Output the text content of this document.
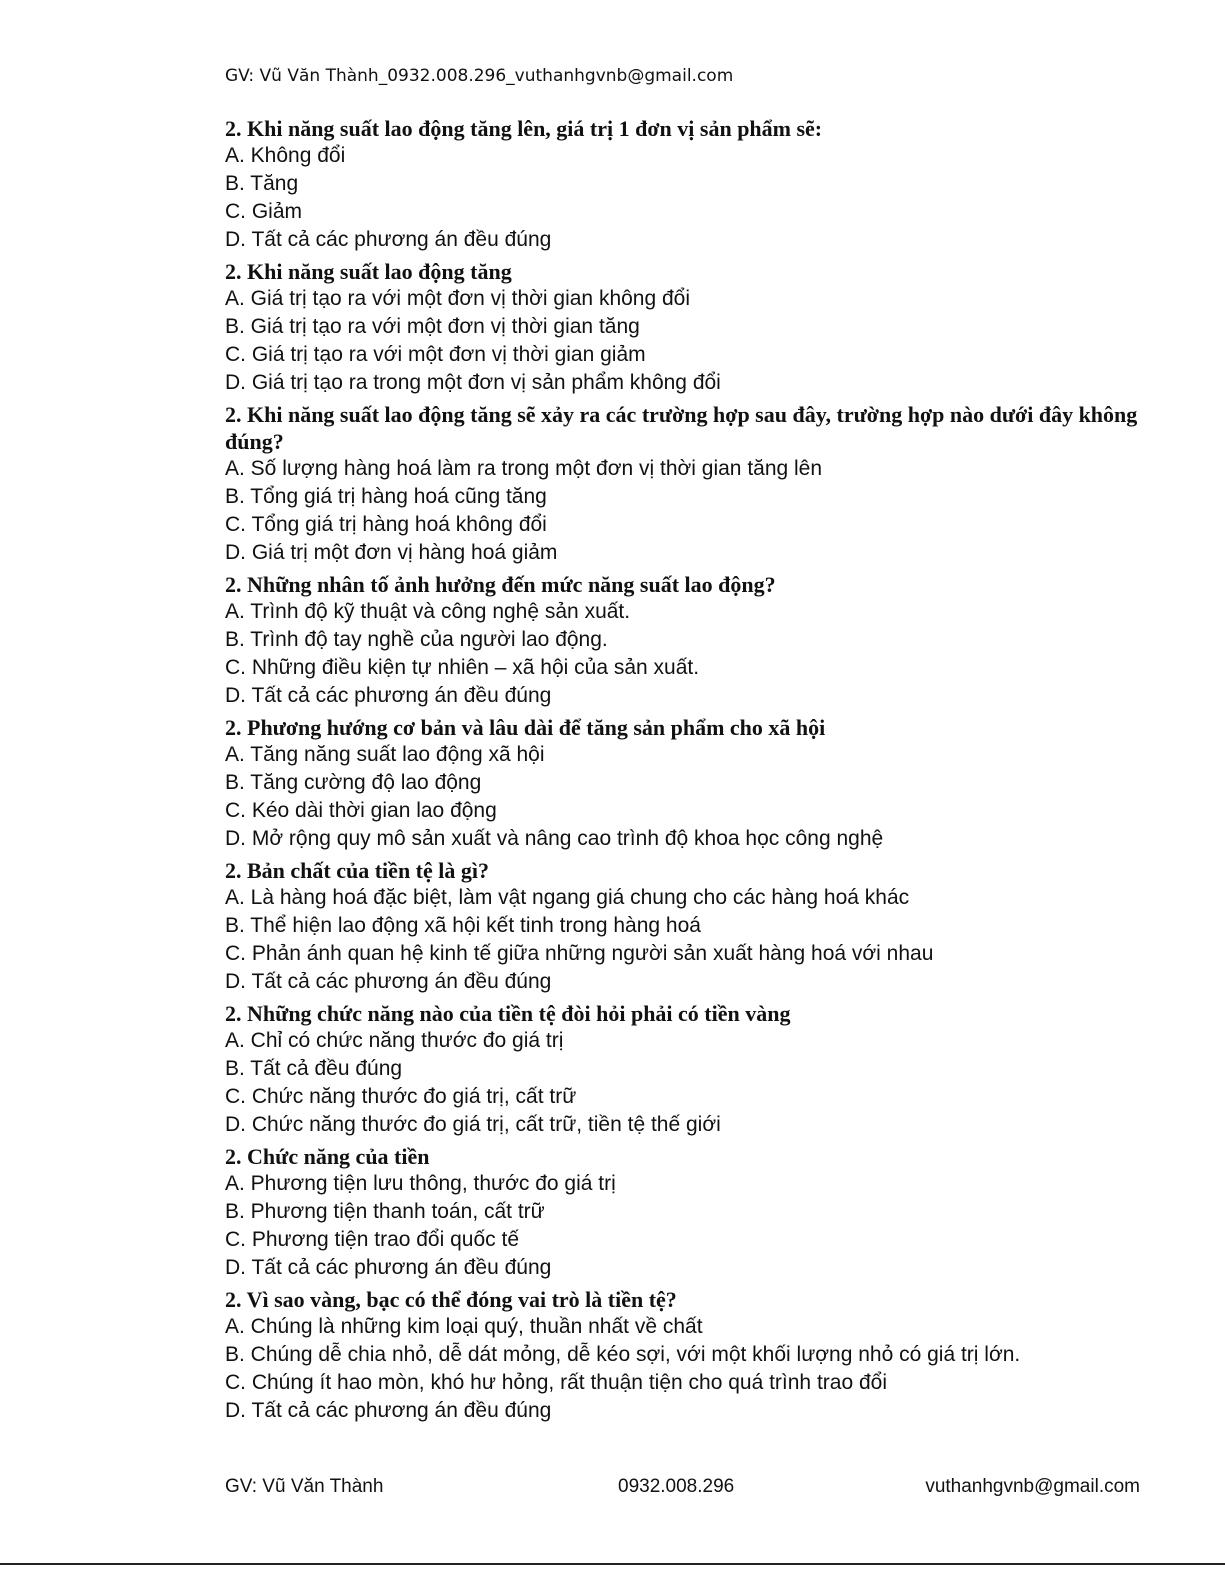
GV: Vũ Văn Thành_0932.008.296_vuthanhgvnb@gmail.com
2. Khi năng suất lao động tăng lên, giá trị 1 đơn vị sản phẩm sẽ:
A. Không đổi
B. Tăng
C. Giảm
D. Tất cả các phương án đều đúng
2. Khi năng suất lao động tăng
A. Giá trị tạo ra với một đơn vị thời gian không đổi
B. Giá trị tạo ra với một đơn vị thời gian tăng
C. Giá trị tạo ra với một đơn vị thời gian giảm
D. Giá trị tạo ra trong một đơn vị sản phẩm không đổi
2. Khi năng suất lao động tăng sẽ xảy ra các trường hợp sau đây, trường hợp nào dưới đây không đúng?
A. Số lượng hàng hoá làm ra trong một đơn vị thời gian tăng lên
B. Tổng giá trị hàng hoá cũng tăng
C. Tổng giá trị hàng hoá không đổi
D. Giá trị một đơn vị hàng hoá giảm
2. Những nhân tố ảnh hưởng đến mức năng suất lao động?
A. Trình độ kỹ thuật và công nghệ sản xuất.
B. Trình độ tay nghề của người lao động.
C. Những điều kiện tự nhiên – xã hội của sản xuất.
D. Tất cả các phương án đều đúng
2. Phương hướng cơ bản và lâu dài để tăng sản phẩm cho xã hội
A. Tăng năng suất lao động xã hội
B. Tăng cường độ lao động
C. Kéo dài thời gian lao động
D. Mở rộng quy mô sản xuất và nâng cao trình độ khoa học công nghệ
2. Bản chất của tiền tệ là gì?
A. Là hàng hoá đặc biệt, làm vật ngang giá chung cho các hàng hoá khác
B. Thể hiện lao động xã hội kết tinh trong hàng hoá
C. Phản ánh quan hệ kinh tế giữa những người sản xuất hàng hoá với nhau
D. Tất cả các phương án đều đúng
2. Những chức năng nào của tiền tệ đòi hỏi phải có tiền vàng
A. Chỉ có chức năng thước đo giá trị
B. Tất cả đều đúng
C. Chức năng thước đo giá trị, cất trữ
D. Chức năng thước đo giá trị, cất trữ, tiền tệ thế giới
2. Chức năng của tiền
A. Phương tiện lưu thông, thước đo giá trị
B. Phương tiện thanh toán, cất trữ
C. Phương tiện trao đổi quốc tế
D. Tất cả các phương án đều đúng
2. Vì sao vàng, bạc có thể đóng vai trò là tiền tệ?
A. Chúng là những kim loại quý, thuần nhất về chất
B. Chúng dễ chia nhỏ, dễ dát mỏng, dễ kéo sợi, với một khối lượng nhỏ có giá trị lớn.
C. Chúng ít hao mòn, khó hư hỏng, rất thuận tiện cho quá trình trao đổi
D. Tất cả các phương án đều đúng
GV: Vũ Văn Thành	0932.008.296	vuthanhgvnb@gmail.com
